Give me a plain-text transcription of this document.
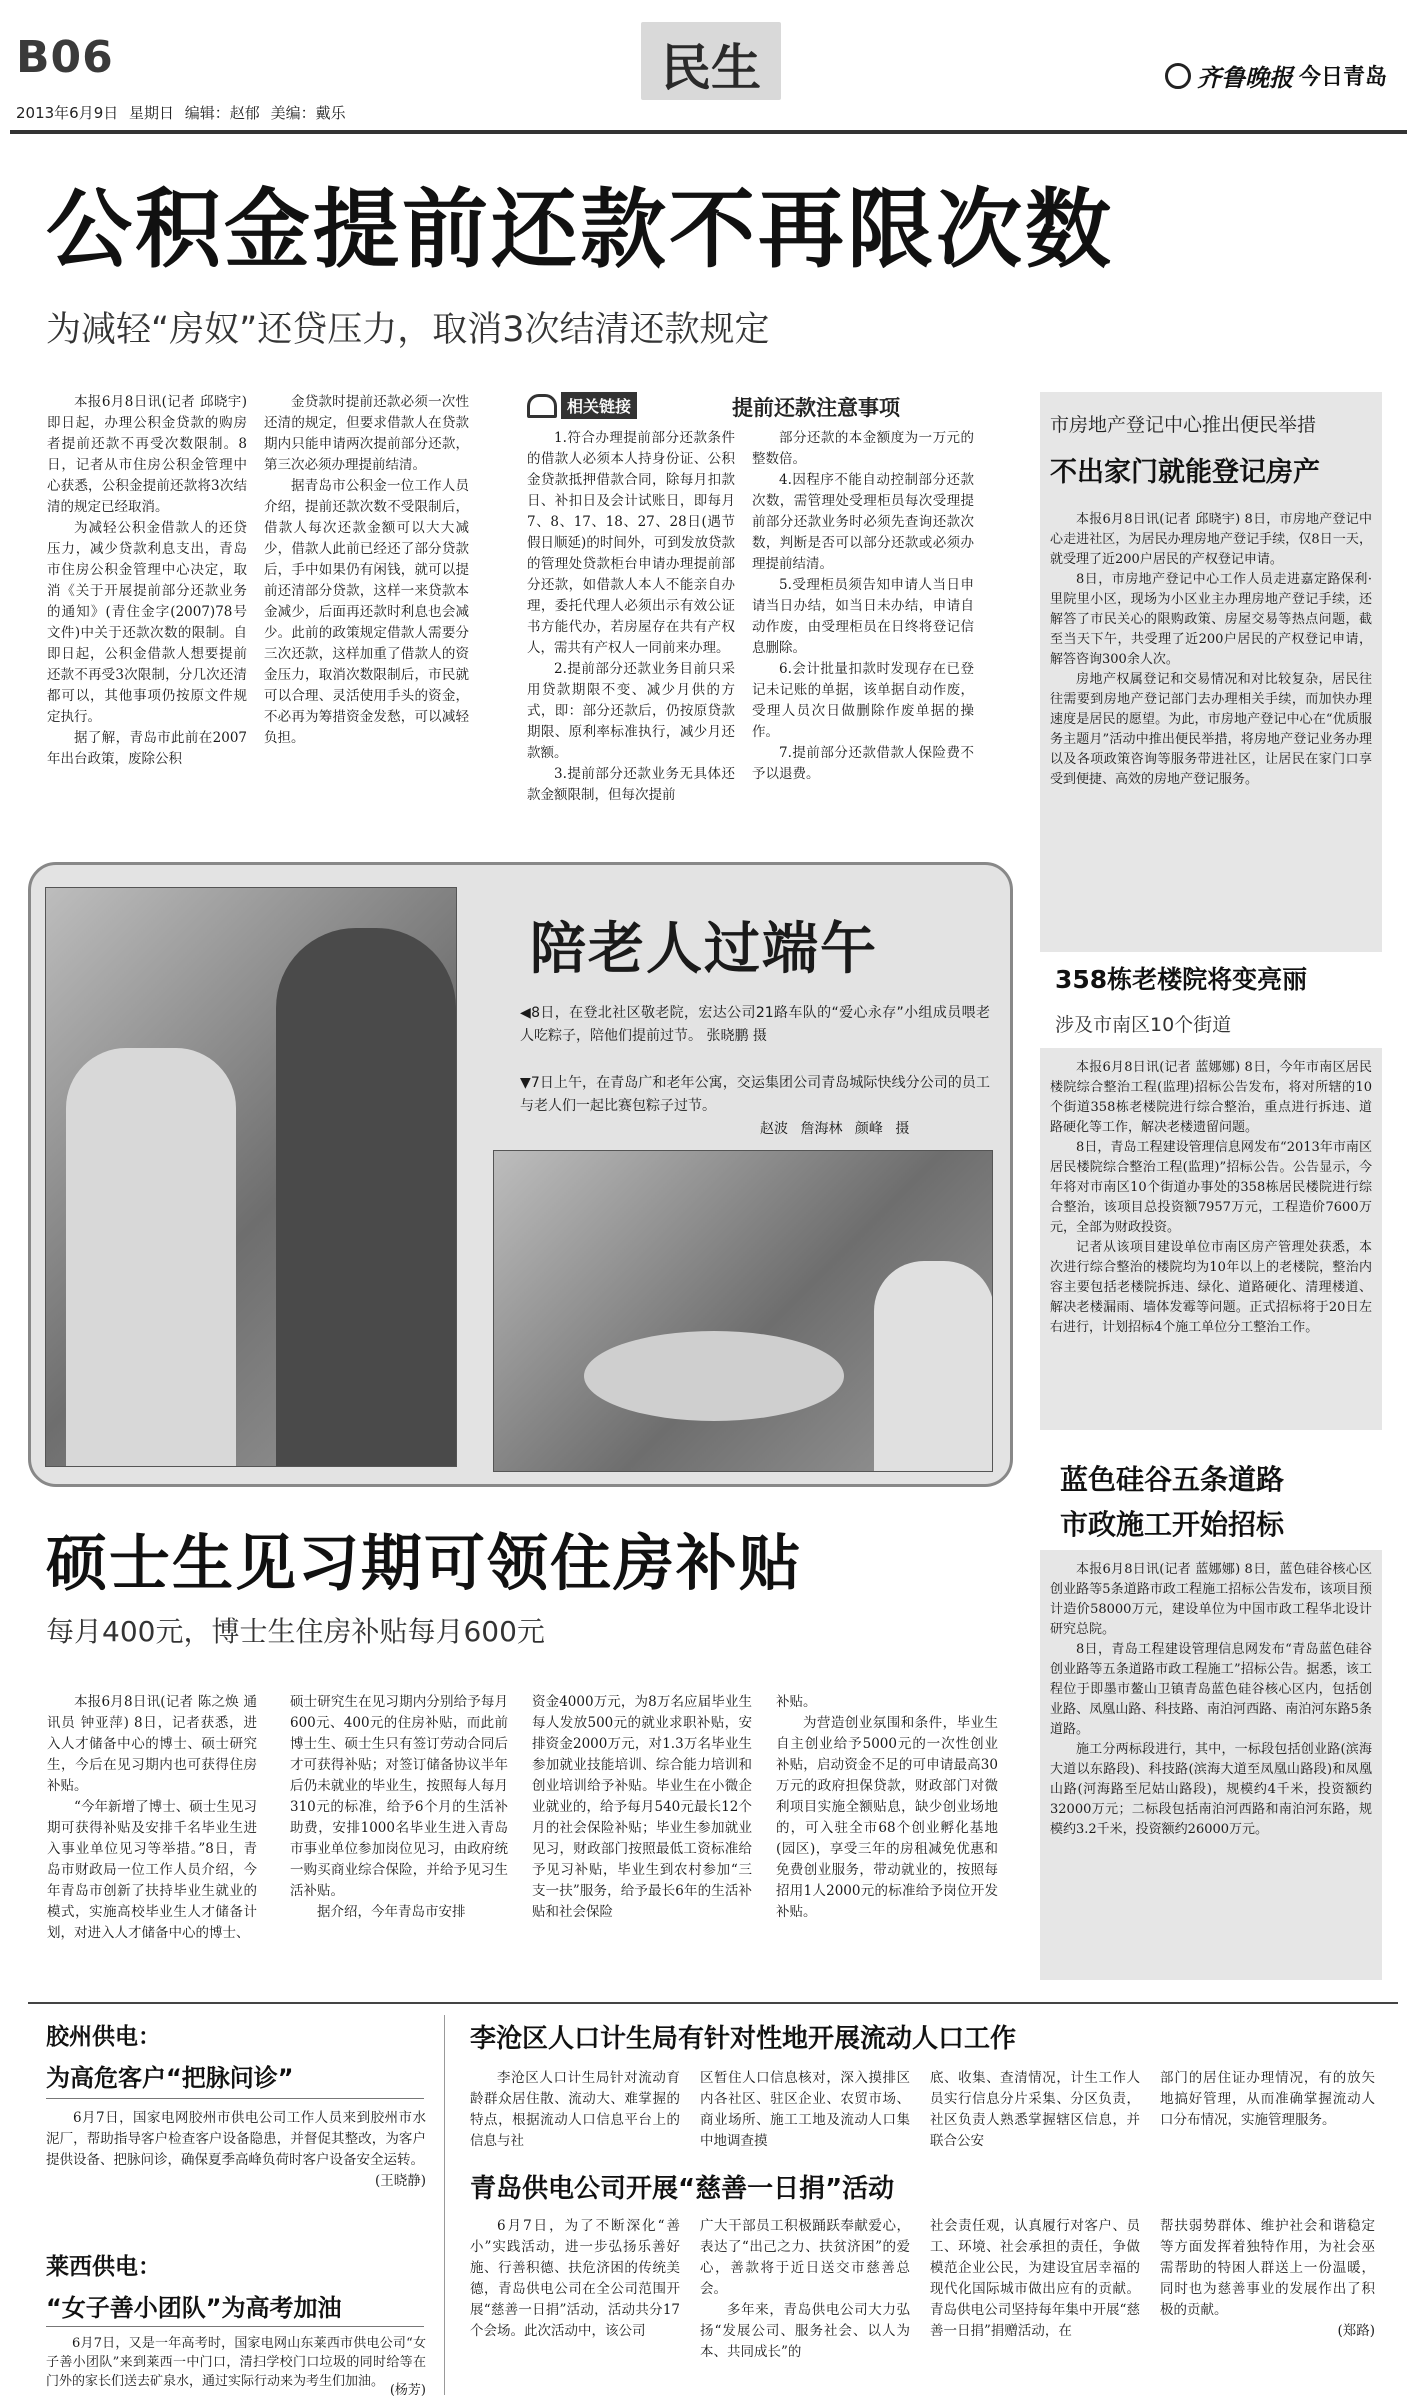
B06	民生	齐鲁晚报 今日青岛
2013年6月9日 星期日 编辑：赵郁 美编：戴乐
公积金提前还款不再限次数
为减轻“房奴”还贷压力，取消3次结清还款规定

本报6月8日讯(记者 邱晓宇) 即日起，办理公积金贷款的购房者提前还款不再受次数限制。8日，记者从市住房公积金管理中心获悉，公积金提前还款将3次结清的规定已经取消。

为减轻公积金借款人的还贷压力，减少贷款利息支出，青岛市住房公积金管理中心决定，取消《关于开展提前部分还款业务的通知》(青住金字(2007)78号文件)中关于还款次数的限制。自即日起，公积金借款人想要提前还款不再受3次限制，分几次还清都可以，其他事项仍按原文件规定执行。

据了解，青岛市此前在2007年出台政策，废除公积

金贷款时提前还款必须一次性还清的规定，但要求借款人在贷款期内只能申请两次提前部分还款，第三次必须办理提前结清。

据青岛市公积金一位工作人员介绍，提前还款次数不受限制后，借款人每次还款金额可以大大减少，借款人此前已经还了部分贷款后，手中如果仍有闲钱，就可以提前还清部分贷款，这样一来贷款本金减少，后面再还款时利息也会减少。此前的政策规定借款人需要分三次还款，这样加重了借款人的资金压力，取消次数限制后，市民就可以合理、灵活使用手头的资金，不必再为筹措资金发愁，可以减轻负担。

相关链接	提前还款注意事项

1.符合办理提前部分还款条件的借款人必须本人持身份证、公积金贷款抵押借款合同，除每月扣款日、补扣日及会计试账日，即每月7、8、17、18、27、28日(遇节假日顺延)的时间外，可到发放贷款的管理处贷款柜台申请办理提前部分还款，如借款人本人不能亲自办理，委托代理人必须出示有效公证书方能代办，若房屋存在共有产权人，需共有产权人一同前来办理。

2.提前部分还款业务目前只采用贷款期限不变、减少月供的方式，即：部分还款后，仍按原贷款期限、原利率标准执行，减少月还款额。

3.提前部分还款业务无具体还款金额限制，但每次提前

部分还款的本金额度为一万元的整数倍。

4.因程序不能自动控制部分还款次数，需管理处受理柜员每次受理提前部分还款业务时必须先查询还款次数，判断是否可以部分还款或必须办理提前结清。

5.受理柜员须告知申请人当日申请当日办结，如当日未办结，申请自动作废，由受理柜员在日终将登记信息删除。

6.会计批量扣款时发现存在已登记未记账的单据，该单据自动作废，受理人员次日做删除作废单据的操作。

7.提前部分还款借款人保险费不予以退费。

市房地产登记中心推出便民举措
不出家门就能登记房产

本报6月8日讯(记者 邱晓宇) 8日，市房地产登记中心走进社区，为居民办理房地产登记手续，仅8日一天，就受理了近200户居民的产权登记申请。

8日，市房地产登记中心工作人员走进嘉定路保利·里院里小区，现场为小区业主办理房地产登记手续，还解答了市民关心的限购政策、房屋交易等热点问题，截至当天下午，共受理了近200户居民的产权登记申请，解答咨询300余人次。

房地产权属登记和交易情况和对比较复杂，居民往往需要到房地产登记部门去办理相关手续，而加快办理速度是居民的愿望。为此，市房地产登记中心在“优质服务主题月”活动中推出便民举措，将房地产登记业务办理以及各项政策咨询等服务带进社区，让居民在家门口享受到便捷、高效的房地产登记服务。

358栋老楼院将变亮丽
涉及市南区10个街道

本报6月8日讯(记者 蓝娜娜) 8日，今年市南区居民楼院综合整治工程(监理)招标公告发布，将对所辖的10个街道358栋老楼院进行综合整治，重点进行拆违、道路硬化等工作，解决老楼遗留问题。

8日，青岛工程建设管理信息网发布“2013年市南区居民楼院综合整治工程(监理)”招标公告。公告显示，今年将对市南区10个街道办事处的358栋居民楼院进行综合整治，该项目总投资额7957万元，工程造价7600万元，全部为财政投资。

记者从该项目建设单位市南区房产管理处获悉，本次进行综合整治的楼院均为10年以上的老楼院，整治内容主要包括老楼院拆违、绿化、道路硬化、清理楼道、解决老楼漏雨、墙体发霉等问题。正式招标将于20日左右进行，计划招标4个施工单位分工整治工作。

蓝色硅谷五条道路
市政施工开始招标

本报6月8日讯(记者 蓝娜娜) 8日，蓝色硅谷核心区创业路等5条道路市政工程施工招标公告发布，该项目预计造价58000万元，建设单位为中国市政工程华北设计研究总院。

8日，青岛工程建设管理信息网发布“青岛蓝色硅谷创业路等五条道路市政工程施工”招标公告。据悉，该工程位于即墨市鳌山卫镇青岛蓝色硅谷核心区内，包括创业路、凤凰山路、科技路、南泊河西路、南泊河东路5条道路。

施工分两标段进行，其中，一标段包括创业路(滨海大道以东路段)、科技路(滨海大道至凤凰山路段)和凤凰山路(河海路至尼姑山路段)，规模约4千米，投资额约32000万元；二标段包括南泊河西路和南泊河东路，规模约3.2千米，投资额约26000万元。

陪老人过端午
◀8日，在登北社区敬老院，宏达公司21路车队的“爱心永存”小组成员喂老人吃粽子，陪他们提前过节。 张晓鹏 摄
▼7日上午，在青岛广和老年公寓，交运集团公司青岛城际快线分公司的员工与老人们一起比赛包粽子过节。
赵波 詹海林 颜峰 摄
硕士生见习期可领住房补贴
每月400元，博士生住房补贴每月600元

本报6月8日讯(记者 陈之焕 通讯员 钟亚萍) 8日，记者获悉，进入人才储备中心的博士、硕士研究生，今后在见习期内也可获得住房补贴。

“今年新增了博士、硕士生见习期可获得补贴及安排千名毕业生进入事业单位见习等举措。”8日，青岛市财政局一位工作人员介绍，今年青岛市创新了扶持毕业生就业的模式，实施高校毕业生人才储备计划，对进入人才储备中心的博士、

硕士研究生在见习期内分别给予每月600元、400元的住房补贴，而此前博士生、硕士生只有签订劳动合同后才可获得补贴；对签订储备协议半年后仍未就业的毕业生，按照每人每月310元的标准，给予6个月的生活补助费，安排1000名毕业生进入青岛市事业单位参加岗位见习，由政府统一购买商业综合保险，并给予见习生活补贴。

据介绍，今年青岛市安排

资金4000万元，为8万名应届毕业生每人发放500元的就业求职补贴，安排资金2000万元，对1.3万名毕业生参加就业技能培训、综合能力培训和创业培训给予补贴。毕业生在小微企业就业的，给予每月540元最长12个月的社会保险补贴；毕业生参加就业见习，财政部门按照最低工资标准给予见习补贴，毕业生到农村参加“三支一扶”服务，给予最长6年的生活补贴和社会保险

补贴。

为营造创业氛围和条件，毕业生自主创业给予5000元的一次性创业补贴，启动资金不足的可申请最高30万元的政府担保贷款，财政部门对微利项目实施全额贴息，缺少创业场地的，可入驻全市68个创业孵化基地(园区)，享受三年的房租减免优惠和免费创业服务，带动就业的，按照每招用1人2000元的标准给予岗位开发补贴。

胶州供电：
为高危客户“把脉问诊”

6月7日，国家电网胶州市供电公司工作人员来到胶州市水泥厂，帮助指导客户检查客户设备隐患，并督促其整改，为客户提供设备、把脉问诊，确保夏季高峰负荷时客户设备安全运转。

(王晓静)
莱西供电：
“女子善小团队”为高考加油

6月7日，又是一年高考时，国家电网山东莱西市供电公司“女子善小团队”来到莱西一中门口，清扫学校门口垃圾的同时给等在门外的家长们送去矿泉水，通过实际行动来为考生们加油。

(杨芳)
李沧区人口计生局有针对性地开展流动人口工作
李沧区人口计生局针对流动育龄群众居住散、流动大、难掌握的特点，根据流动人口信息平台上的信息与社
区暂住人口信息核对，深入摸排区内各社区、驻区企业、农贸市场、商业场所、施工工地及流动人口集中地调查摸
底、收集、查清情况，计生工作人员实行信息分片采集、分区负责，社区负责人熟悉掌握辖区信息，并联合公安
部门的居住证办理情况，有的放矢地搞好管理，从而准确掌握流动人口分布情况，实施管理服务。
青岛供电公司开展“慈善一日捐”活动
6月7日，为了不断深化“善小”实践活动，进一步弘扬乐善好施、行善积德、扶危济困的传统美德，青岛供电公司在全公司范围开展“慈善一日捐”活动，活动共分17个会场。此次活动中，该公司
广大干部员工积极踊跃奉献爱心，表达了“出己之力、扶贫济困”的爱心，善款将于近日送交市慈善总会。

多年来，青岛供电公司大力弘扬“发展公司、服务社会、以人为本、共同成长”的

社会责任观，认真履行对客户、员工、环境、社会承担的责任，争做模范企业公民，为建设宜居幸福的现代化国际城市做出应有的贡献。青岛供电公司坚持每年集中开展“慈善一日捐”捐赠活动，在
帮扶弱势群体、维护社会和谐稳定等方面发挥着独特作用，为社会巫需帮助的特困人群送上一份温暖，同时也为慈善事业的发展作出了积极的贡献。
(郑路)
